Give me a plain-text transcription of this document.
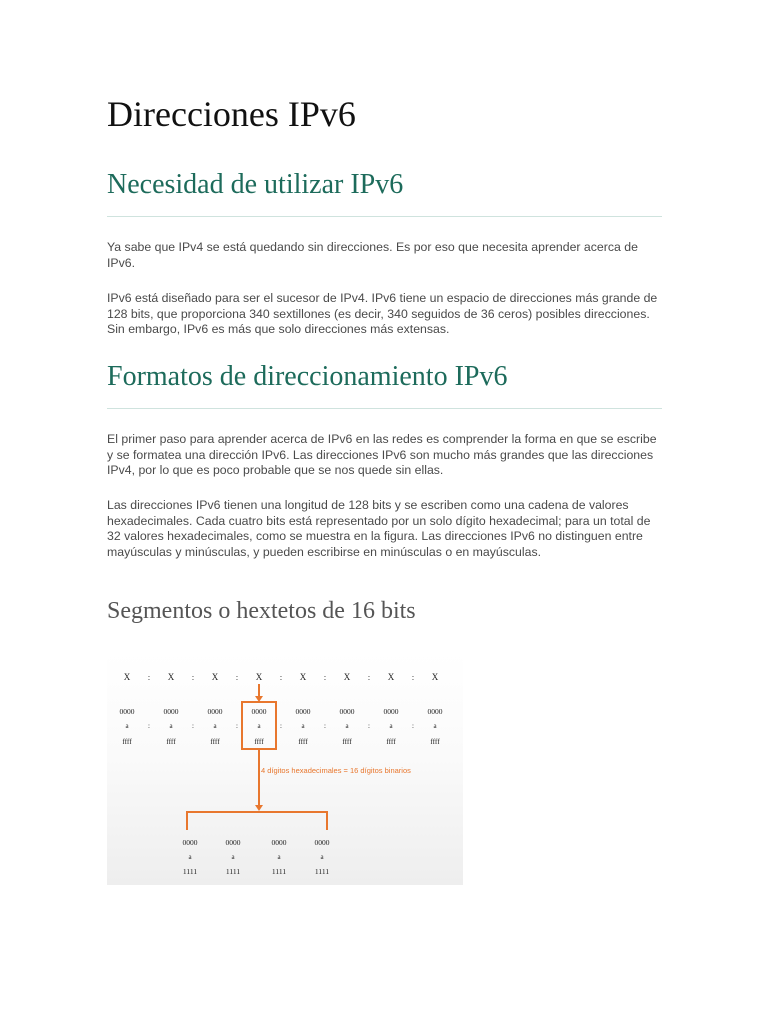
Direcciones IPv6
Necesidad de utilizar IPv6

Ya sabe que IPv4 se está quedando sin direcciones. Es por eso que necesita aprender acerca de IPv6.

IPv6 está diseñado para ser el sucesor de IPv4. IPv6 tiene un espacio de direcciones más grande de 128 bits, que proporciona 340 sextillones (es decir, 340 seguidos de 36 ceros) posibles direcciones. Sin embargo, IPv6 es más que solo direcciones más extensas.

Formatos de direccionamiento IPv6

El primer paso para aprender acerca de IPv6 en las redes es comprender la forma en que se escribe y se formatea una dirección IPv6. Las direcciones IPv6 son mucho más grandes que las direcciones IPv4, por lo que es poco probable que se nos quede sin ellas.

Las direcciones IPv6 tienen una longitud de 128 bits y se escriben como una cadena de valores hexadecimales. Cada cuatro bits está representado por un solo dígito hexadecimal; para un total de 32 valores hexadecimales, como se muestra en la figura. Las direcciones IPv6 no distinguen entre mayúsculas y minúsculas, y pueden escribirse en minúsculas o en mayúsculas.

Segmentos o hextetos de 16 bits
X
0000
a
ffff
:
:
X
0000
a
ffff
:
:
X
0000
a
ffff
:
:
X
0000
a
ffff
:
:
X
0000
a
ffff
:
:
X
0000
a
ffff
:
:
X
0000
a
ffff
:
:
X
0000
a
ffff
0000
a
1111
0000
a
1111
0000
a
1111
0000
a
1111

4 dígitos hexadecimales = 16 dígitos binarios
